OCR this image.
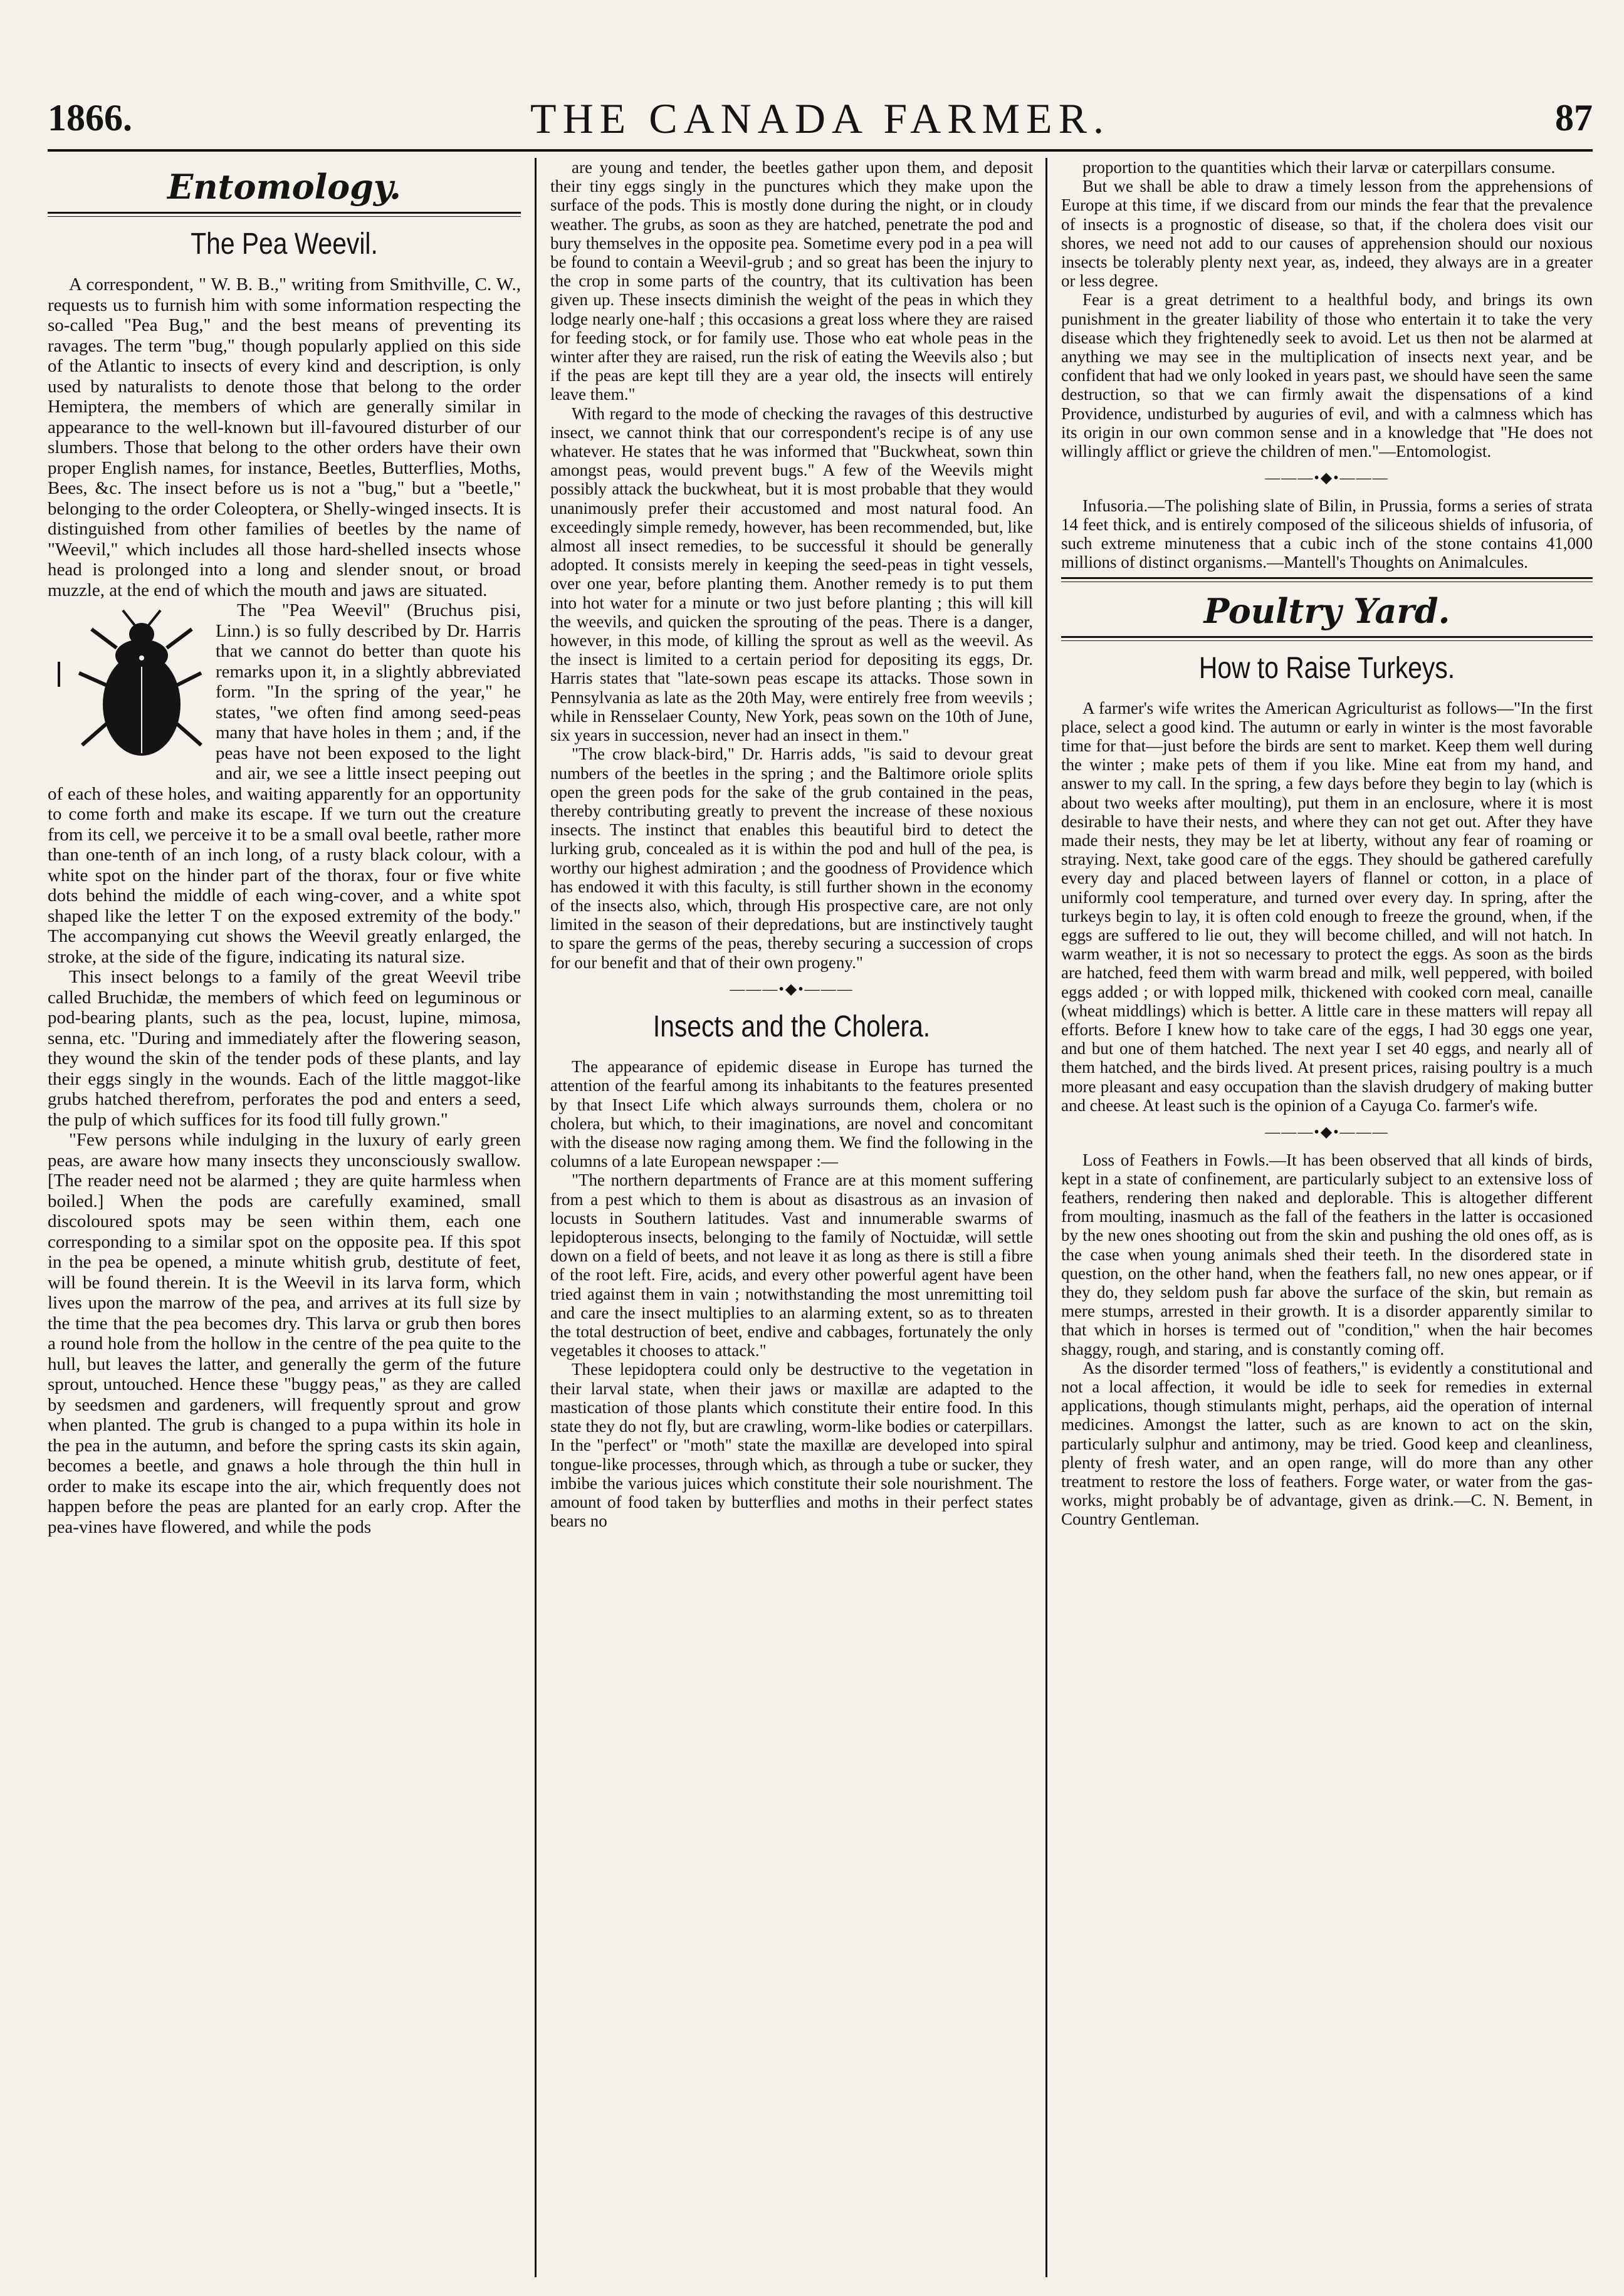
1866.	THE CANADA FARMER.	87
Entomology.
The Pea Weevil.

A correspondent, " W. B. B.," writing from Smithville, C. W., requests us to furnish him with some information respecting the so-called "Pea Bug," and the best means of preventing its ravages. The term "bug," though popularly applied on this side of the Atlantic to insects of every kind and description, is only used by naturalists to denote those that belong to the order Hemiptera, the members of which are generally similar in appearance to the well-known but ill-favoured disturber of our slumbers. Those that belong to the other orders have their own proper English names, for instance, Beetles, Butterflies, Moths, Bees, &c. The insect before us is not a "bug," but a "beetle," belonging to the order Coleoptera, or Shelly-winged insects. It is distinguished from other families of beetles by the name of "Weevil," which includes all those hard-shelled insects whose head is prolonged into a long and slender snout, or broad muzzle, at the end of which the mouth and jaws are situated.

The "Pea Weevil" (Bruchus pisi, Linn.) is so fully described by Dr. Harris that we cannot do better than quote his remarks upon it, in a slightly abbreviated form. "In the spring of the year," he states, "we often find among seed-peas many that have holes in them ; and, if the peas have not been exposed to the light and air, we see a little insect peeping out of each of these holes, and waiting apparently for an opportunity to come forth and make its escape. If we turn out the creature from its cell, we perceive it to be a small oval beetle, rather more than one-tenth of an inch long, of a rusty black colour, with a white spot on the hinder part of the thorax, four or five white dots behind the middle of each wing-cover, and a white spot shaped like the letter T on the exposed extremity of the body." The accompanying cut shows the Weevil greatly enlarged, the stroke, at the side of the figure, indicating its natural size.

This insect belongs to a family of the great Weevil tribe called Bruchidæ, the members of which feed on leguminous or pod-bearing plants, such as the pea, locust, lupine, mimosa, senna, etc. "During and immediately after the flowering season, they wound the skin of the tender pods of these plants, and lay their eggs singly in the wounds. Each of the little maggot-like grubs hatched therefrom, perforates the pod and enters a seed, the pulp of which suffices for its food till fully grown."

"Few persons while indulging in the luxury of early green peas, are aware how many insects they unconsciously swallow. [The reader need not be alarmed ; they are quite harmless when boiled.] When the pods are carefully examined, small discoloured spots may be seen within them, each one corresponding to a similar spot on the opposite pea. If this spot in the pea be opened, a minute whitish grub, destitute of feet, will be found therein. It is the Weevil in its larva form, which lives upon the marrow of the pea, and arrives at its full size by the time that the pea becomes dry. This larva or grub then bores a round hole from the hollow in the centre of the pea quite to the hull, but leaves the latter, and generally the germ of the future sprout, untouched. Hence these "buggy peas," as they are called by seedsmen and gardeners, will frequently sprout and grow when planted. The grub is changed to a pupa within its hole in the pea in the autumn, and before the spring casts its skin again, becomes a beetle, and gnaws a hole through the thin hull in order to make its escape into the air, which frequently does not happen before the peas are planted for an early crop. After the pea-vines have flowered, and while the pods

are young and tender, the beetles gather upon them, and deposit their tiny eggs singly in the punctures which they make upon the surface of the pods. This is mostly done during the night, or in cloudy weather. The grubs, as soon as they are hatched, penetrate the pod and bury themselves in the opposite pea. Sometime every pod in a pea will be found to contain a Weevil-grub ; and so great has been the injury to the crop in some parts of the country, that its cultivation has been given up. These insects diminish the weight of the peas in which they lodge nearly one-half ; this occasions a great loss where they are raised for feeding stock, or for family use. Those who eat whole peas in the winter after they are raised, run the risk of eating the Weevils also ; but if the peas are kept till they are a year old, the insects will entirely leave them."

With regard to the mode of checking the ravages of this destructive insect, we cannot think that our correspondent's recipe is of any use whatever. He states that he was informed that "Buckwheat, sown thin amongst peas, would prevent bugs." A few of the Weevils might possibly attack the buckwheat, but it is most probable that they would unanimously prefer their accustomed and most natural food. An exceedingly simple remedy, however, has been recommended, but, like almost all insect remedies, to be successful it should be generally adopted. It consists merely in keeping the seed-peas in tight vessels, over one year, before planting them. Another remedy is to put them into hot water for a minute or two just before planting ; this will kill the weevils, and quicken the sprouting of the peas. There is a danger, however, in this mode, of killing the sprout as well as the weevil. As the insect is limited to a certain period for depositing its eggs, Dr. Harris states that "late-sown peas escape its attacks. Those sown in Pennsylvania as late as the 20th May, were entirely free from weevils ; while in Rensselaer County, New York, peas sown on the 10th of June, six years in succession, never had an insect in them."

"The crow black-bird," Dr. Harris adds, "is said to devour great numbers of the beetles in the spring ; and the Baltimore oriole splits open the green pods for the sake of the grub contained in the peas, thereby contributing greatly to prevent the increase of these noxious insects. The instinct that enables this beautiful bird to detect the lurking grub, concealed as it is within the pod and hull of the pea, is worthy our highest admiration ; and the goodness of Providence which has endowed it with this faculty, is still further shown in the economy of the insects also, which, through His prospective care, are not only limited in the season of their depredations, but are instinctively taught to spare the germs of the peas, thereby securing a succession of crops for our benefit and that of their own progeny."

———•◆•———
Insects and the Cholera.

The appearance of epidemic disease in Europe has turned the attention of the fearful among its inhabitants to the features presented by that Insect Life which always surrounds them, cholera or no cholera, but which, to their imaginations, are novel and concomitant with the disease now raging among them. We find the following in the columns of a late European newspaper :—

"The northern departments of France are at this moment suffering from a pest which to them is about as disastrous as an invasion of locusts in Southern latitudes. Vast and innumerable swarms of lepidopterous insects, belonging to the family of Noctuidæ, will settle down on a field of beets, and not leave it as long as there is still a fibre of the root left. Fire, acids, and every other powerful agent have been tried against them in vain ; notwithstanding the most unremitting toil and care the insect multiplies to an alarming extent, so as to threaten the total destruction of beet, endive and cabbages, fortunately the only vegetables it chooses to attack."

These lepidoptera could only be destructive to the vegetation in their larval state, when their jaws or maxillæ are adapted to the mastication of those plants which constitute their entire food. In this state they do not fly, but are crawling, worm-like bodies or caterpillars. In the "perfect" or "moth" state the maxillæ are developed into spiral tongue-like processes, through which, as through a tube or sucker, they imbibe the various juices which constitute their sole nourishment. The amount of food taken by butterflies and moths in their perfect states bears no

proportion to the quantities which their larvæ or caterpillars consume.

But we shall be able to draw a timely lesson from the apprehensions of Europe at this time, if we discard from our minds the fear that the prevalence of insects is a prognostic of disease, so that, if the cholera does visit our shores, we need not add to our causes of apprehension should our noxious insects be tolerably plenty next year, as, indeed, they always are in a greater or less degree.

Fear is a great detriment to a healthful body, and brings its own punishment in the greater liability of those who entertain it to take the very disease which they frightenedly seek to avoid. Let us then not be alarmed at anything we may see in the multiplication of insects next year, and be confident that had we only looked in years past, we should have seen the same destruction, so that we can firmly await the dispensations of a kind Providence, undisturbed by auguries of evil, and with a calmness which has its origin in our own common sense and in a knowledge that "He does not willingly afflict or grieve the children of men."—Entomologist.

———•◆•———

Infusoria.—The polishing slate of Bilin, in Prussia, forms a series of strata 14 feet thick, and is entirely composed of the siliceous shields of infusoria, of such extreme minuteness that a cubic inch of the stone contains 41,000 millions of distinct organisms.—Mantell's Thoughts on Animalcules.

Poultry Yard.
How to Raise Turkeys.

A farmer's wife writes the American Agriculturist as follows—"In the first place, select a good kind. The autumn or early in winter is the most favorable time for that—just before the birds are sent to market. Keep them well during the winter ; make pets of them if you like. Mine eat from my hand, and answer to my call. In the spring, a few days before they begin to lay (which is about two weeks after moulting), put them in an enclosure, where it is most desirable to have their nests, and where they can not get out. After they have made their nests, they may be let at liberty, without any fear of roaming or straying. Next, take good care of the eggs. They should be gathered carefully every day and placed between layers of flannel or cotton, in a place of uniformly cool temperature, and turned over every day. In spring, after the turkeys begin to lay, it is often cold enough to freeze the ground, when, if the eggs are suffered to lie out, they will become chilled, and will not hatch. In warm weather, it is not so necessary to protect the eggs. As soon as the birds are hatched, feed them with warm bread and milk, well peppered, with boiled eggs added ; or with lopped milk, thickened with cooked corn meal, canaille (wheat middlings) which is better. A little care in these matters will repay all efforts. Before I knew how to take care of the eggs, I had 30 eggs one year, and but one of them hatched. The next year I set 40 eggs, and nearly all of them hatched, and the birds lived. At present prices, raising poultry is a much more pleasant and easy occupation than the slavish drudgery of making butter and cheese. At least such is the opinion of a Cayuga Co. farmer's wife.

———•◆•———

Loss of Feathers in Fowls.—It has been observed that all kinds of birds, kept in a state of confinement, are particularly subject to an extensive loss of feathers, rendering then naked and deplorable. This is altogether different from moulting, inasmuch as the fall of the feathers in the latter is occasioned by the new ones shooting out from the skin and pushing the old ones off, as is the case when young animals shed their teeth. In the disordered state in question, on the other hand, when the feathers fall, no new ones appear, or if they do, they seldom push far above the surface of the skin, but remain as mere stumps, arrested in their growth. It is a disorder apparently similar to that which in horses is termed out of "condition," when the hair becomes shaggy, rough, and staring, and is constantly coming off.

As the disorder termed "loss of feathers," is evidently a constitutional and not a local affection, it would be idle to seek for remedies in external applications, though stimulants might, perhaps, aid the operation of internal medicines. Amongst the latter, such as are known to act on the skin, particularly sulphur and antimony, may be tried. Good keep and cleanliness, plenty of fresh water, and an open range, will do more than any other treatment to restore the loss of feathers. Forge water, or water from the gas-works, might probably be of advantage, given as drink.—C. N. Bement, in Country Gentleman.
